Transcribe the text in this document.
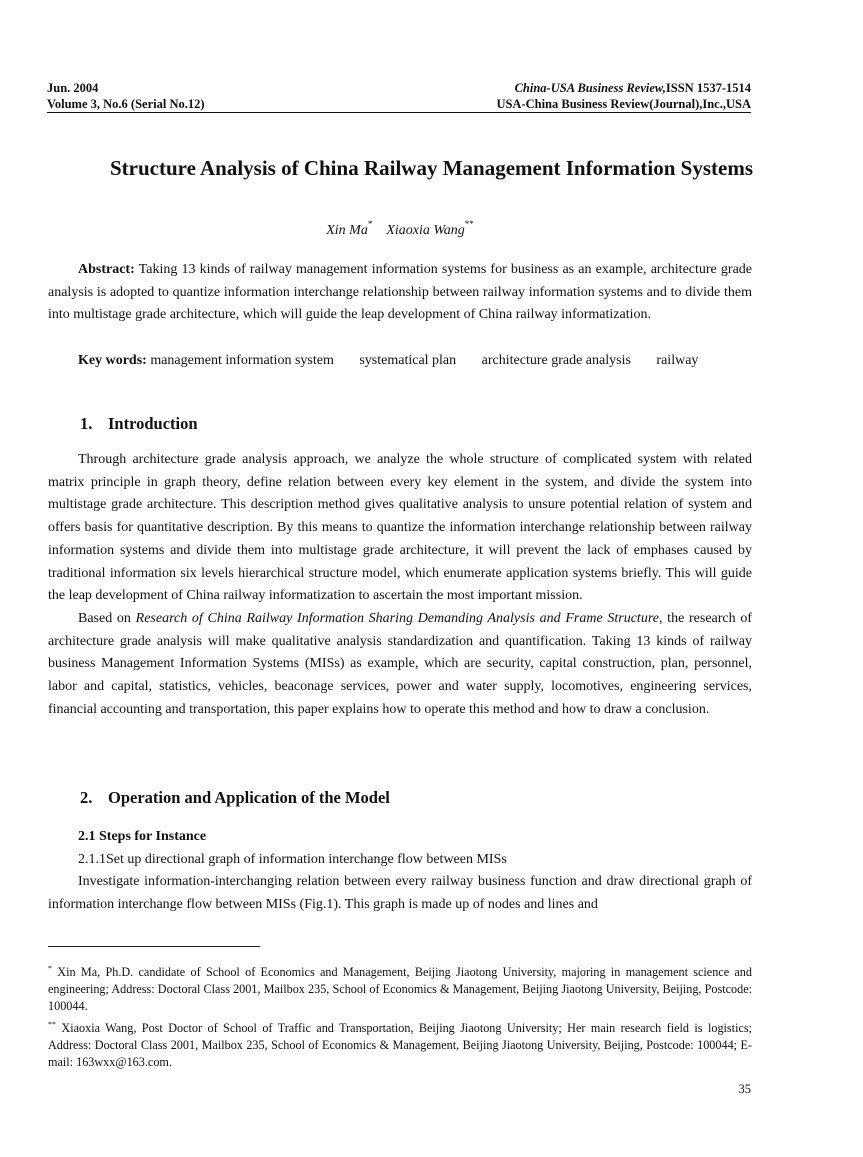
Jun. 2004
Volume 3, No.6 (Serial No.12)
China-USA Business Review,ISSN 1537-1514
USA-China Business Review(Journal),Inc.,USA
Structure Analysis of China Railway Management Information Systems
Xin Ma* Xiaoxia Wang**

Abstract: Taking 13 kinds of railway management information systems for business as an example, architecture grade analysis is adopted to quantize information interchange relationship between railway information systems and to divide them into multistage grade architecture, which will guide the leap development of China railway informatization.

Key words: management information system systematical plan architecture grade analysis railway
1. Introduction

Through architecture grade analysis approach, we analyze the whole structure of complicated system with related matrix principle in graph theory, define relation between every key element in the system, and divide the system into multistage grade architecture. This description method gives qualitative analysis to unsure potential relation of system and offers basis for quantitative description. By this means to quantize the information interchange relationship between railway information systems and divide them into multistage grade architecture, it will prevent the lack of emphases caused by traditional information six levels hierarchical structure model, which enumerate application systems briefly. This will guide the leap development of China railway informatization to ascertain the most important mission.

Based on Research of China Railway Information Sharing Demanding Analysis and Frame Structure, the research of architecture grade analysis will make qualitative analysis standardization and quantification. Taking 13 kinds of railway business Management Information Systems (MISs) as example, which are security, capital construction, plan, personnel, labor and capital, statistics, vehicles, beaconage services, power and water supply, locomotives, engineering services, financial accounting and transportation, this paper explains how to operate this method and how to draw a conclusion.

2. Operation and Application of the Model

2.1 Steps for Instance

2.1.1Set up directional graph of information interchange flow between MISs

Investigate information-interchanging relation between every railway business function and draw directional graph of information interchange flow between MISs (Fig.1). This graph is made up of nodes and lines and

* Xin Ma, Ph.D. candidate of School of Economics and Management, Beijing Jiaotong University, majoring in management science and engineering; Address: Doctoral Class 2001, Mailbox 235, School of Economics & Management, Beijing Jiaotong University, Beijing, Postcode: 100044.

** Xiaoxia Wang, Post Doctor of School of Traffic and Transportation, Beijing Jiaotong University; Her main research field is logistics; Address: Doctoral Class 2001, Mailbox 235, School of Economics & Management, Beijing Jiaotong University, Beijing, Postcode: 100044; E-mail: 163wxx@163.com.

35
